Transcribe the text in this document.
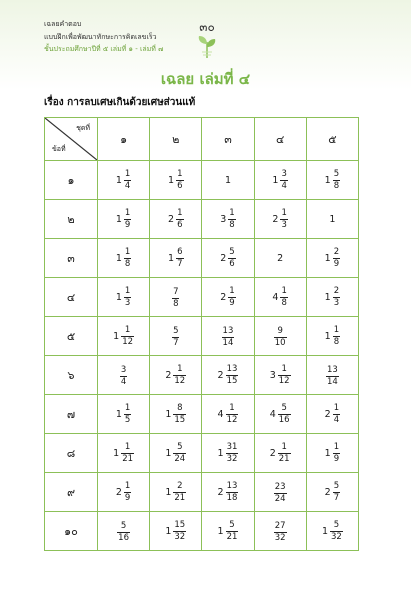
เฉลยคำตอบ
แบบฝึกเพื่อพัฒนาทักษะการคิดเลขเร็ว
ชั้นประถมศึกษาปีที่ ๕ เล่มที่ ๑ - เล่มที่ ๗
๓๐
เฉลย เล่มที่ ๔
เรื่อง การลบเศษเกินด้วยเศษส่วนแท้
ชุดที่
ข้อที่	๑	๒	๓	๔	๕
๑	$1 \frac{1}{4}$	$1 \frac{1}{6}$	1	$1 \frac{3}{4}$	$1 \frac{5}{8}$

๒	$1 \frac{1}{9}$	$2 \frac{1}{6}$	$3 \frac{1}{8}$	$2 \frac{1}{3}$	1

๓	$1 \frac{1}{8}$	$1 \frac{6}{7}$	$2 \frac{5}{6}$	2	$1 \frac{2}{9}$

๔	$1 \frac{1}{3}$	$\frac{7}{8}$	$2 \frac{1}{9}$	$4 \frac{1}{8}$	$1 \frac{2}{3}$

๕	$1 \frac{1}{12}$	$\frac{5}{7}$	$\frac{13}{14}$	$\frac{9}{10}$	$1 \frac{1}{8}$

๖	$\frac{3}{4}$	$2 \frac{1}{12}$	$2 \frac{13}{15}$	$3 \frac{1}{12}$	$\frac{13}{14}$

๗	$1 \frac{1}{5}$	$1 \frac{8}{15}$	$4 \frac{1}{12}$	$4 \frac{5}{16}$	$2 \frac{1}{4}$

๘	$1 \frac{1}{21}$	$1 \frac{5}{24}$	$1 \frac{31}{32}$	$2 \frac{1}{21}$	$1 \frac{1}{9}$

๙	$2 \frac{1}{9}$	$1 \frac{2}{21}$	$2 \frac{13}{18}$	$\frac{23}{24}$	$2 \frac{5}{7}$

๑๐	$\frac{5}{16}$	$1 \frac{15}{32}$	$1 \frac{5}{21}$	$\frac{27}{32}$	$1 \frac{5}{32}$
